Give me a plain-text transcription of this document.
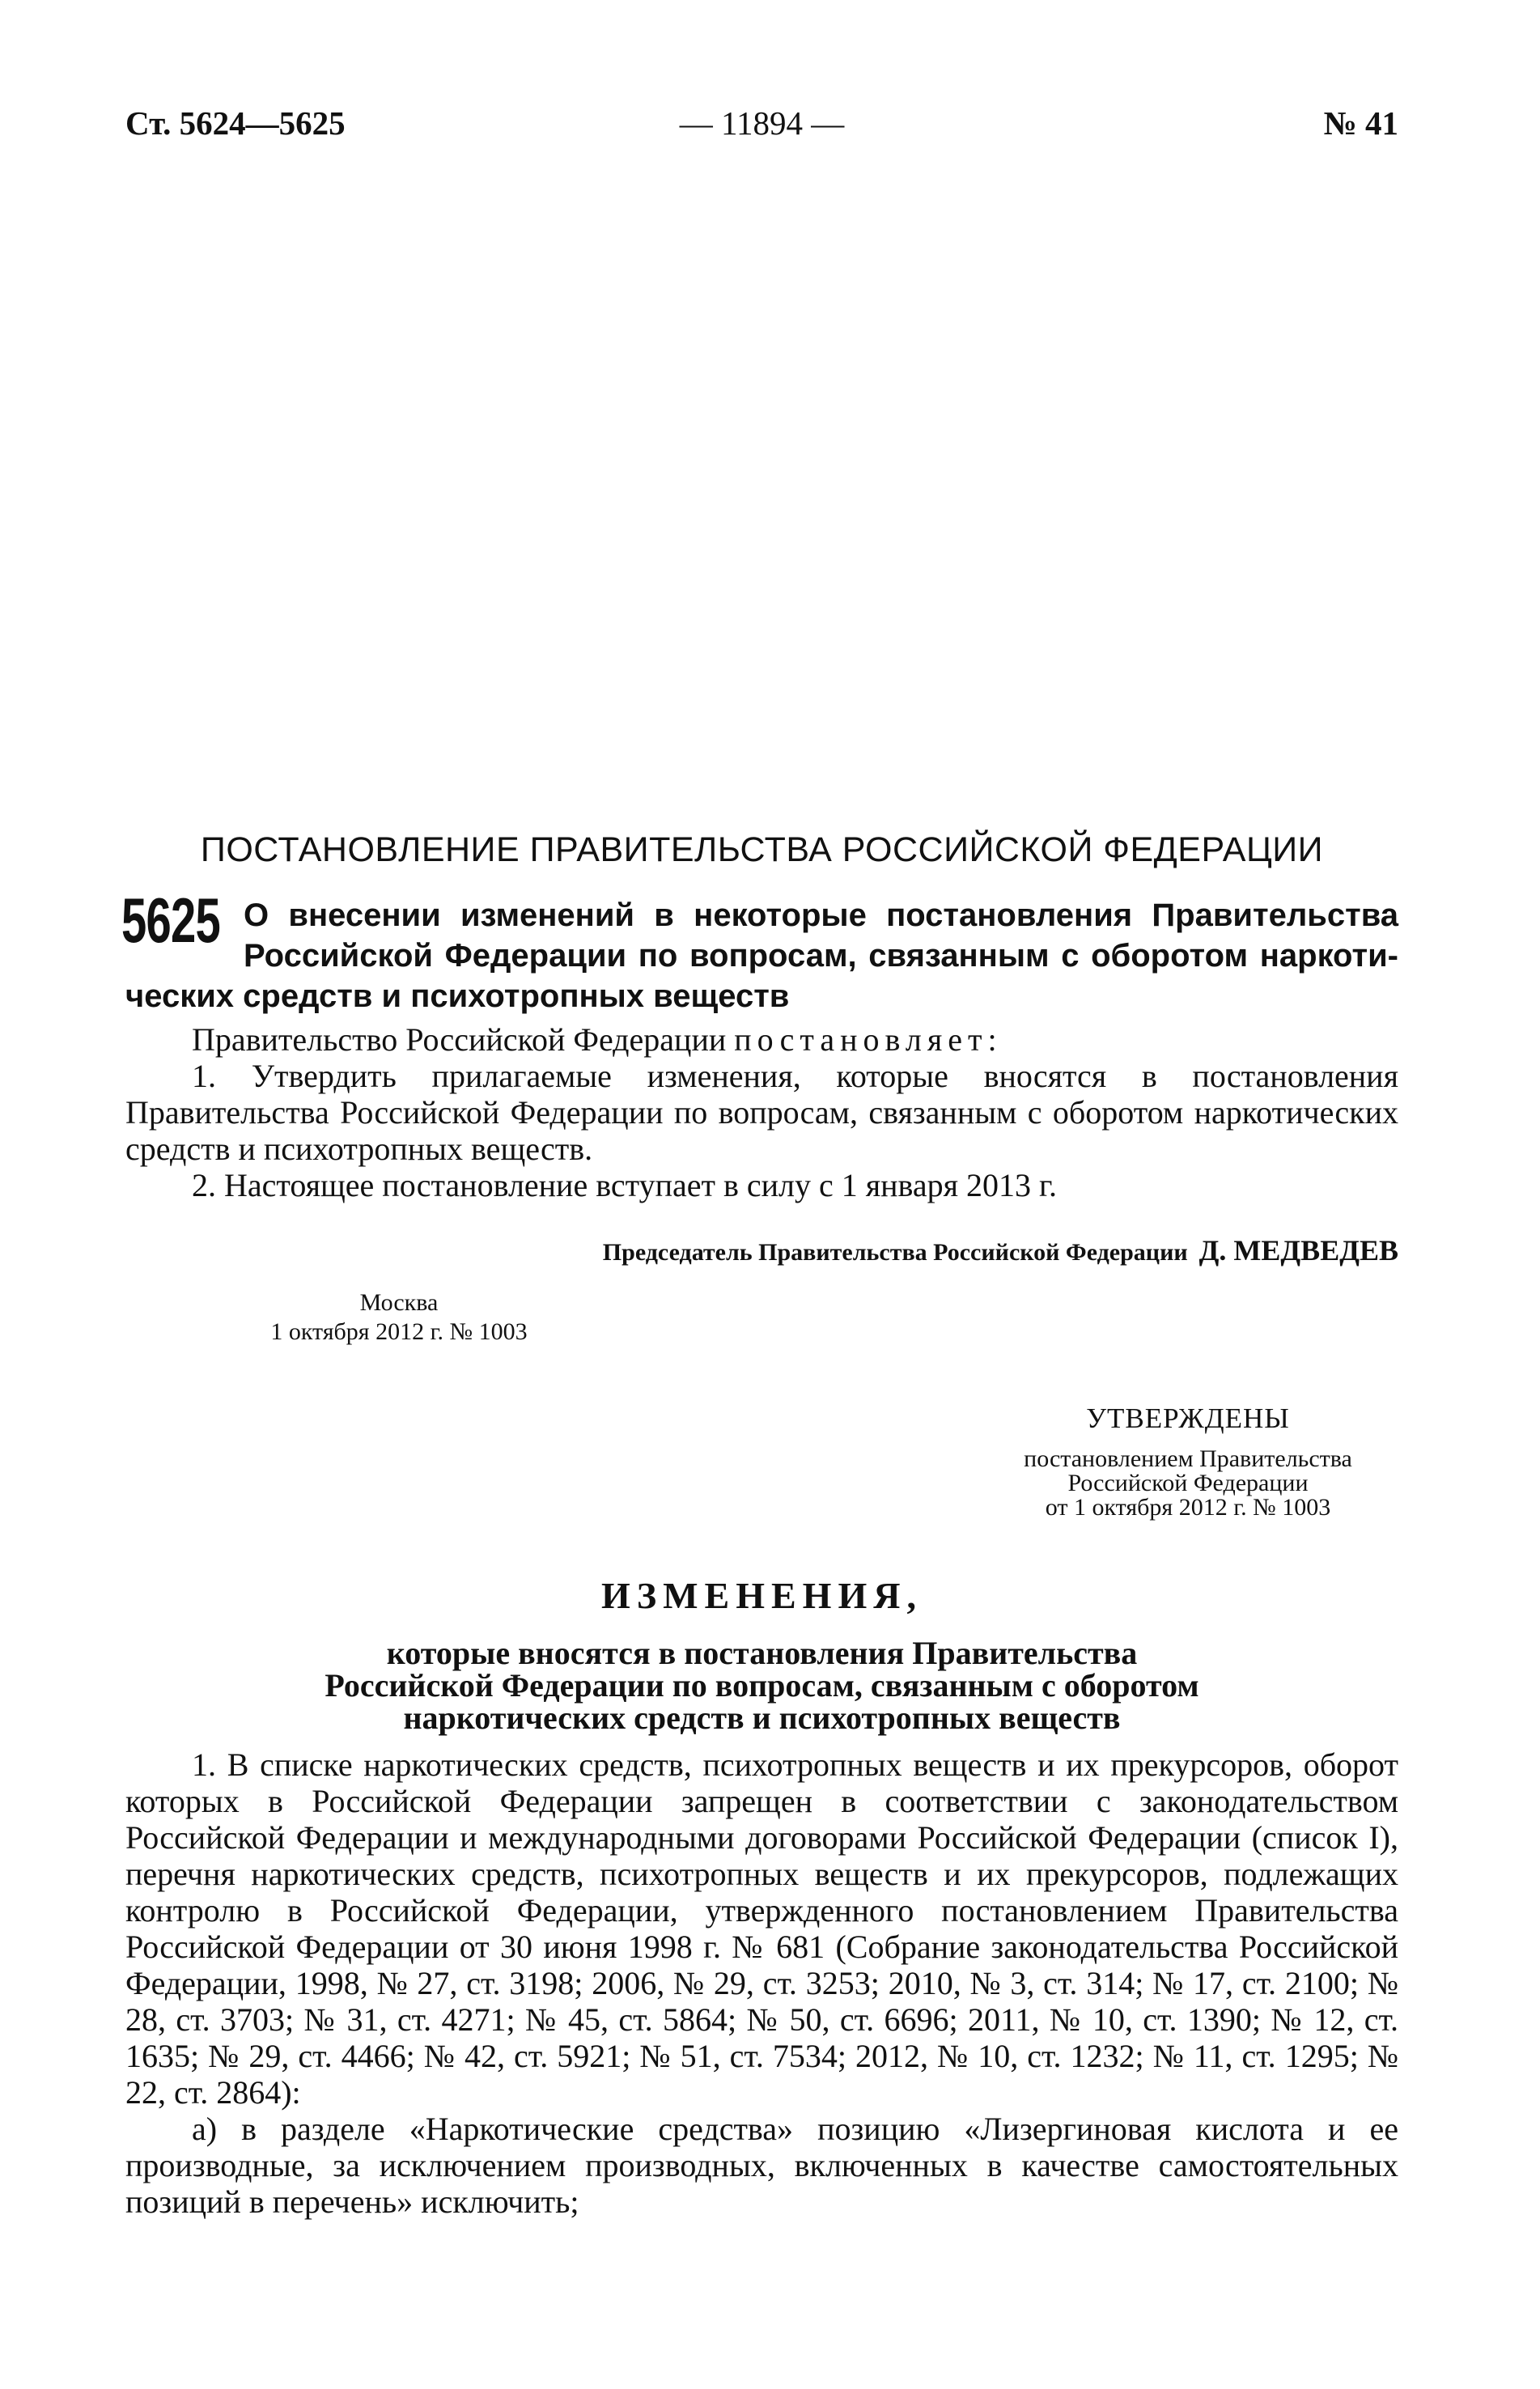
Ст. 5624—5625	— 11894 —	№ 41
ПОСТАНОВЛЕНИЕ ПРАВИТЕЛЬСТВА РОССИЙСКОЙ ФЕДЕРАЦИИ
5625 О внесении изменений в некоторые постановления Правительства
Российской Федерации по вопросам, связанным с оборотом наркоти-
ческих средств и психотропных веществ

Правительство Российской Федерации постановляет:

1. Утвердить прилагаемые изменения, которые вносятся в постановления Правительства Российской Федерации по вопросам, связанным с оборотом наркотических средств и психотропных веществ.

2. Настоящее постановление вступает в силу с 1 января 2013 г.

Председатель Правительства Российской Федерации Д. МЕДВЕДЕВ
Москва
1 октября 2012 г. № 1003
УТВЕРЖДЕНЫ
постановлением Правительства
Российской Федерации
от 1 октября 2012 г. № 1003
ИЗМЕНЕНИЯ,
которые вносятся в постановления Правительства
Российской Федерации по вопросам, связанным с оборотом
наркотических средств и психотропных веществ

1. В списке наркотических средств, психотропных веществ и их прекурсоров, оборот которых в Российской Федерации запрещен в соответствии с законодательством Российской Федерации и международными договорами Российской Федерации (список I), перечня наркотических средств, психотропных веществ и их прекурсоров, подлежащих контролю в Российской Федерации, утвержденного постановлением Правительства Российской Федерации от 30 июня 1998 г. № 681 (Собрание законодательства Российской Федерации, 1998, № 27, ст. 3198; 2006, № 29, ст. 3253; 2010, № 3, ст. 314; № 17, ст. 2100; № 28, ст. 3703; № 31, ст. 4271; № 45, ст. 5864; № 50, ст. 6696; 2011, № 10, ст. 1390; № 12, ст. 1635; № 29, ст. 4466; № 42, ст. 5921; № 51, ст. 7534; 2012, № 10, ст. 1232; № 11, ст. 1295; № 22, ст. 2864):

а) в разделе «Наркотические средства» позицию «Лизергиновая кислота и ее производные, за исключением производных, включенных в качестве самостоятельных позиций в перечень» исключить;
